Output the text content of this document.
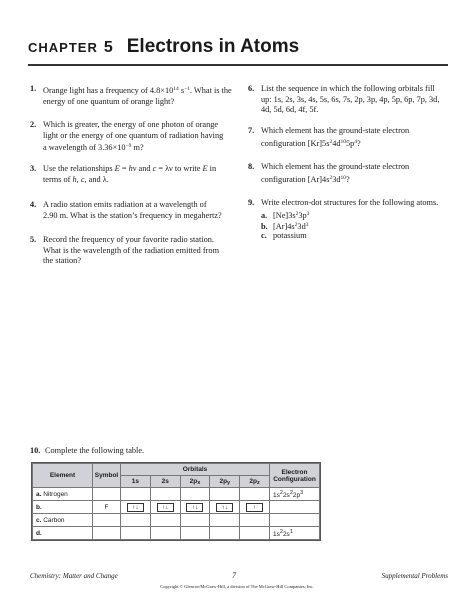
CHAPTER 5 Electrons in Atoms
1. Orange light has a frequency of $4.8\times 10^{14}$ $s^{-1}$. What is the
energy of one quantum of orange light?
2. Which is greater, the energy of one photon of orange
light or the energy of one quantum of radiation having
a wavelength of $3.36\times 10^{-9}$ m?
3. Use the relationships E = hν and c = λν to write E in
terms of h, c, and λ.
4. A radio station emits radiation at a wavelength of
2.90 m. What is the station’s frequency in megahertz?
5. Record the frequency of your favorite radio station.
What is the wavelength of the radiation emitted from
the station?
6. List the sequence in which the following orbitals fill
up: 1s, 2s, 3s, 4s, 5s, 6s, 7s, 2p, 3p, 4p, 5p, 6p, 7p, 3d,
4d, 5d, 6d, 4f, 5f.
7. Which element has the ground-state electron
configuration $[Kr]5s^24d^{10}5p^4$?
8. Which element has the ground-state electron
configuration $[Ar]4s^23d^{10}$?
9. Write electron-dot structures for the following atoms.
a. $[Ne]3s^23p^3$
b. $[Ar]4s^23d^3$
c. potassium
10. Complete the following table.
Element	Symbol	Orbitals					Electron Configuration
		1s	2s	$2p_x$	$2p_y$	$2p_z$
a. Nitrogen							$1s^22s^22p^3$
b.	F	↑↓	↑↓	↑↓	↑↓	↑	
c. Carbon							
d.							$1s^22s^1$
Chemistry: Matter and Change	7	Supplemental Problems
Copyright © Glencoe/McGraw-Hill, a division of The McGraw-Hill Companies, Inc.
